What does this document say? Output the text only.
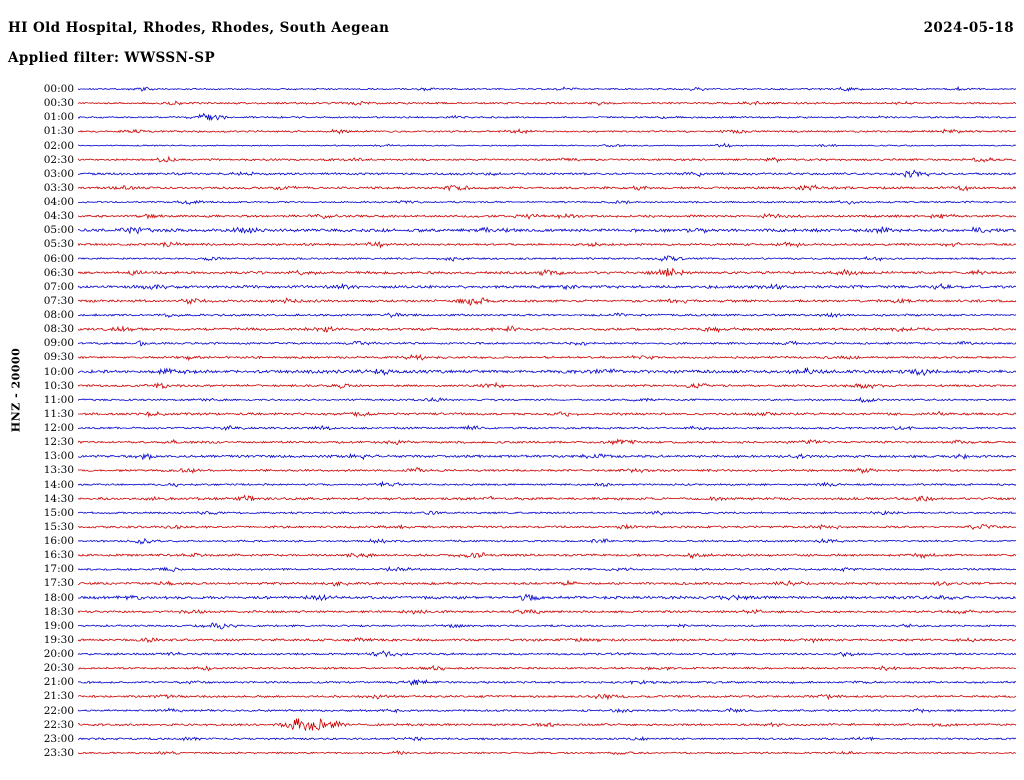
HI Old Hospital, Rhodes, Rhodes, South Aegean
Applied filter: WWSSN-SP
2024-05-18
HNZ - 20000
00:00
00:30
01:00
01:30
02:00
02:30
03:00
03:30
04:00
04:30
05:00
05:30
06:00
06:30
07:00
07:30
08:00
08:30
09:00
09:30
10:00
10:30
11:00
11:30
12:00
12:30
13:00
13:30
14:00
14:30
15:00
15:30
16:00
16:30
17:00
17:30
18:00
18:30
19:00
19:30
20:00
20:30
21:00
21:30
22:00
22:30
23:00
23:30
